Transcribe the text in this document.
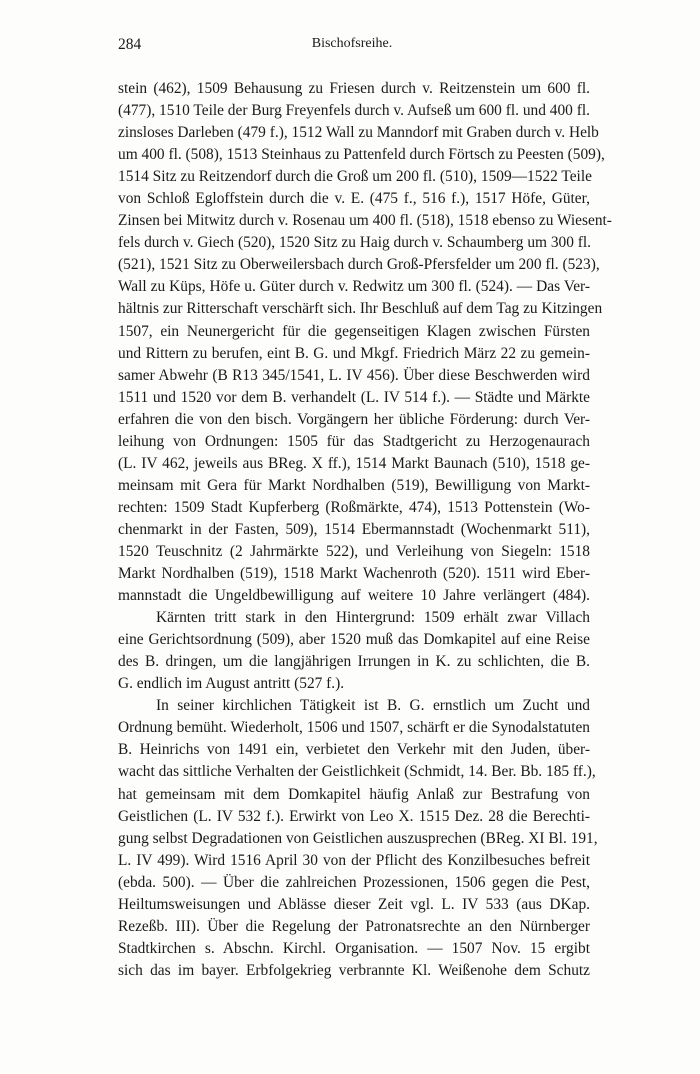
284	Bischofsreihe.
stein (462), 1509 Behausung zu Friesen durch v. Reitzenstein um 600 fl.
(477), 1510 Teile der Burg Freyenfels durch v. Aufseß um 600 fl. und 400 fl.
zinsloses Darleben (479 f.), 1512 Wall zu Manndorf mit Graben durch v. Helb
um 400 fl. (508), 1513 Steinhaus zu Pattenfeld durch Förtsch zu Peesten (509),
1514 Sitz zu Reitzendorf durch die Groß um 200 fl. (510), 1509—1522 Teile
von Schloß Egloffstein durch die v. E. (475 f., 516 f.), 1517 Höfe, Güter,
Zinsen bei Mitwitz durch v. Rosenau um 400 fl. (518), 1518 ebenso zu Wiesent-
fels durch v. Giech (520), 1520 Sitz zu Haig durch v. Schaumberg um 300 fl.
(521), 1521 Sitz zu Oberweilersbach durch Groß-Pfersfelder um 200 fl. (523),
Wall zu Küps, Höfe u. Güter durch v. Redwitz um 300 fl. (524). — Das Ver-
hältnis zur Ritterschaft verschärft sich. Ihr Beschluß auf dem Tag zu Kitzingen
1507, ein Neunergericht für die gegenseitigen Klagen zwischen Fürsten
und Rittern zu berufen, eint B. G. und Mkgf. Friedrich März 22 zu gemein-
samer Abwehr (B R13 345/1541, L. IV 456). Über diese Beschwerden wird
1511 und 1520 vor dem B. verhandelt (L. IV 514 f.). — Städte und Märkte
erfahren die von den bisch. Vorgängern her übliche Förderung: durch Ver-
leihung von Ordnungen: 1505 für das Stadtgericht zu Herzogenaurach
(L. IV 462, jeweils aus BReg. X ff.), 1514 Markt Baunach (510), 1518 ge-
meinsam mit Gera für Markt Nordhalben (519), Bewilligung von Markt-
rechten: 1509 Stadt Kupferberg (Roßmärkte, 474), 1513 Pottenstein (Wo-
chenmarkt in der Fasten, 509), 1514 Ebermannstadt (Wochenmarkt 511),
1520 Teuschnitz (2 Jahrmärkte 522), und Verleihung von Siegeln: 1518
Markt Nordhalben (519), 1518 Markt Wachenroth (520). 1511 wird Eber-
mannstadt die Ungeldbewilligung auf weitere 10 Jahre verlängert (484).
Kärnten tritt stark in den Hintergrund: 1509 erhält zwar Villach
eine Gerichtsordnung (509), aber 1520 muß das Domkapitel auf eine Reise
des B. dringen, um die langjährigen Irrungen in K. zu schlichten, die B.
G. endlich im August antritt (527 f.).
In seiner kirchlichen Tätigkeit ist B. G. ernstlich um Zucht und
Ordnung bemüht. Wiederholt, 1506 und 1507, schärft er die Synodalstatuten
B. Heinrichs von 1491 ein, verbietet den Verkehr mit den Juden, über-
wacht das sittliche Verhalten der Geistlichkeit (Schmidt, 14. Ber. Bb. 185 ff.),
hat gemeinsam mit dem Domkapitel häufig Anlaß zur Bestrafung von
Geistlichen (L. IV 532 f.). Erwirkt von Leo X. 1515 Dez. 28 die Berechti-
gung selbst Degradationen von Geistlichen auszusprechen (BReg. XI Bl. 191,
L. IV 499). Wird 1516 April 30 von der Pflicht des Konzilbesuches befreit
(ebda. 500). — Über die zahlreichen Prozessionen, 1506 gegen die Pest,
Heiltumsweisungen und Ablässe dieser Zeit vgl. L. IV 533 (aus DKap.
Rezeßb. III). Über die Regelung der Patronatsrechte an den Nürnberger
Stadtkirchen s. Abschn. Kirchl. Organisation. — 1507 Nov. 15 ergibt
sich das im bayer. Erbfolgekrieg verbrannte Kl. Weißenohe dem Schutz
